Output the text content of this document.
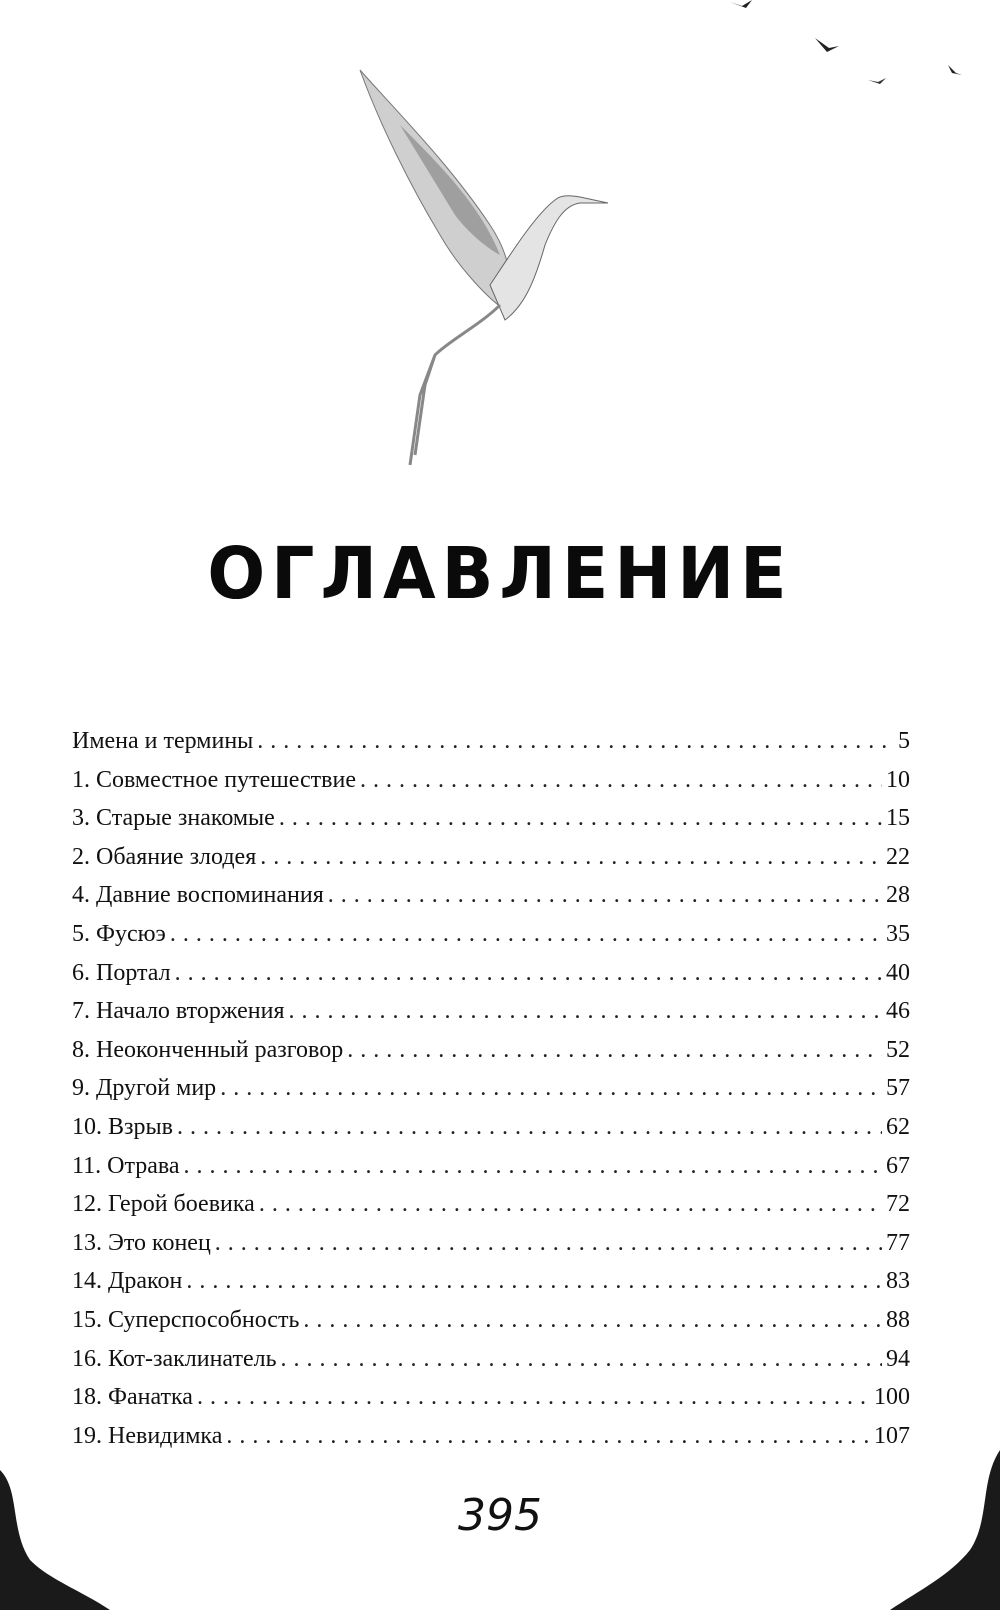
ОГЛАВЛЕНИЕ
Имена и термины . . .	5
1. Совместное путешествие . . .	10
3. Старые знакомые . . .	15
2. Обаяние злодея . . .	22
4. Давние воспоминания . . .	28
5. Фусюэ . . .	35
6. Портал . . .	40
7. Начало вторжения . . .	46
8. Неоконченный разговор . . .	52
9. Другой мир . . .	57
10. Взрыв . . .	62
11. Отрава . . .	67
12. Герой боевика . . .	72
13. Это конец . . .	77
14. Дракон . . .	83
15. Суперспособность . . .	88
16. Кот-заклинатель . . .	94
18. Фанатка . . .	100
19. Невидимка . . .	107
395
